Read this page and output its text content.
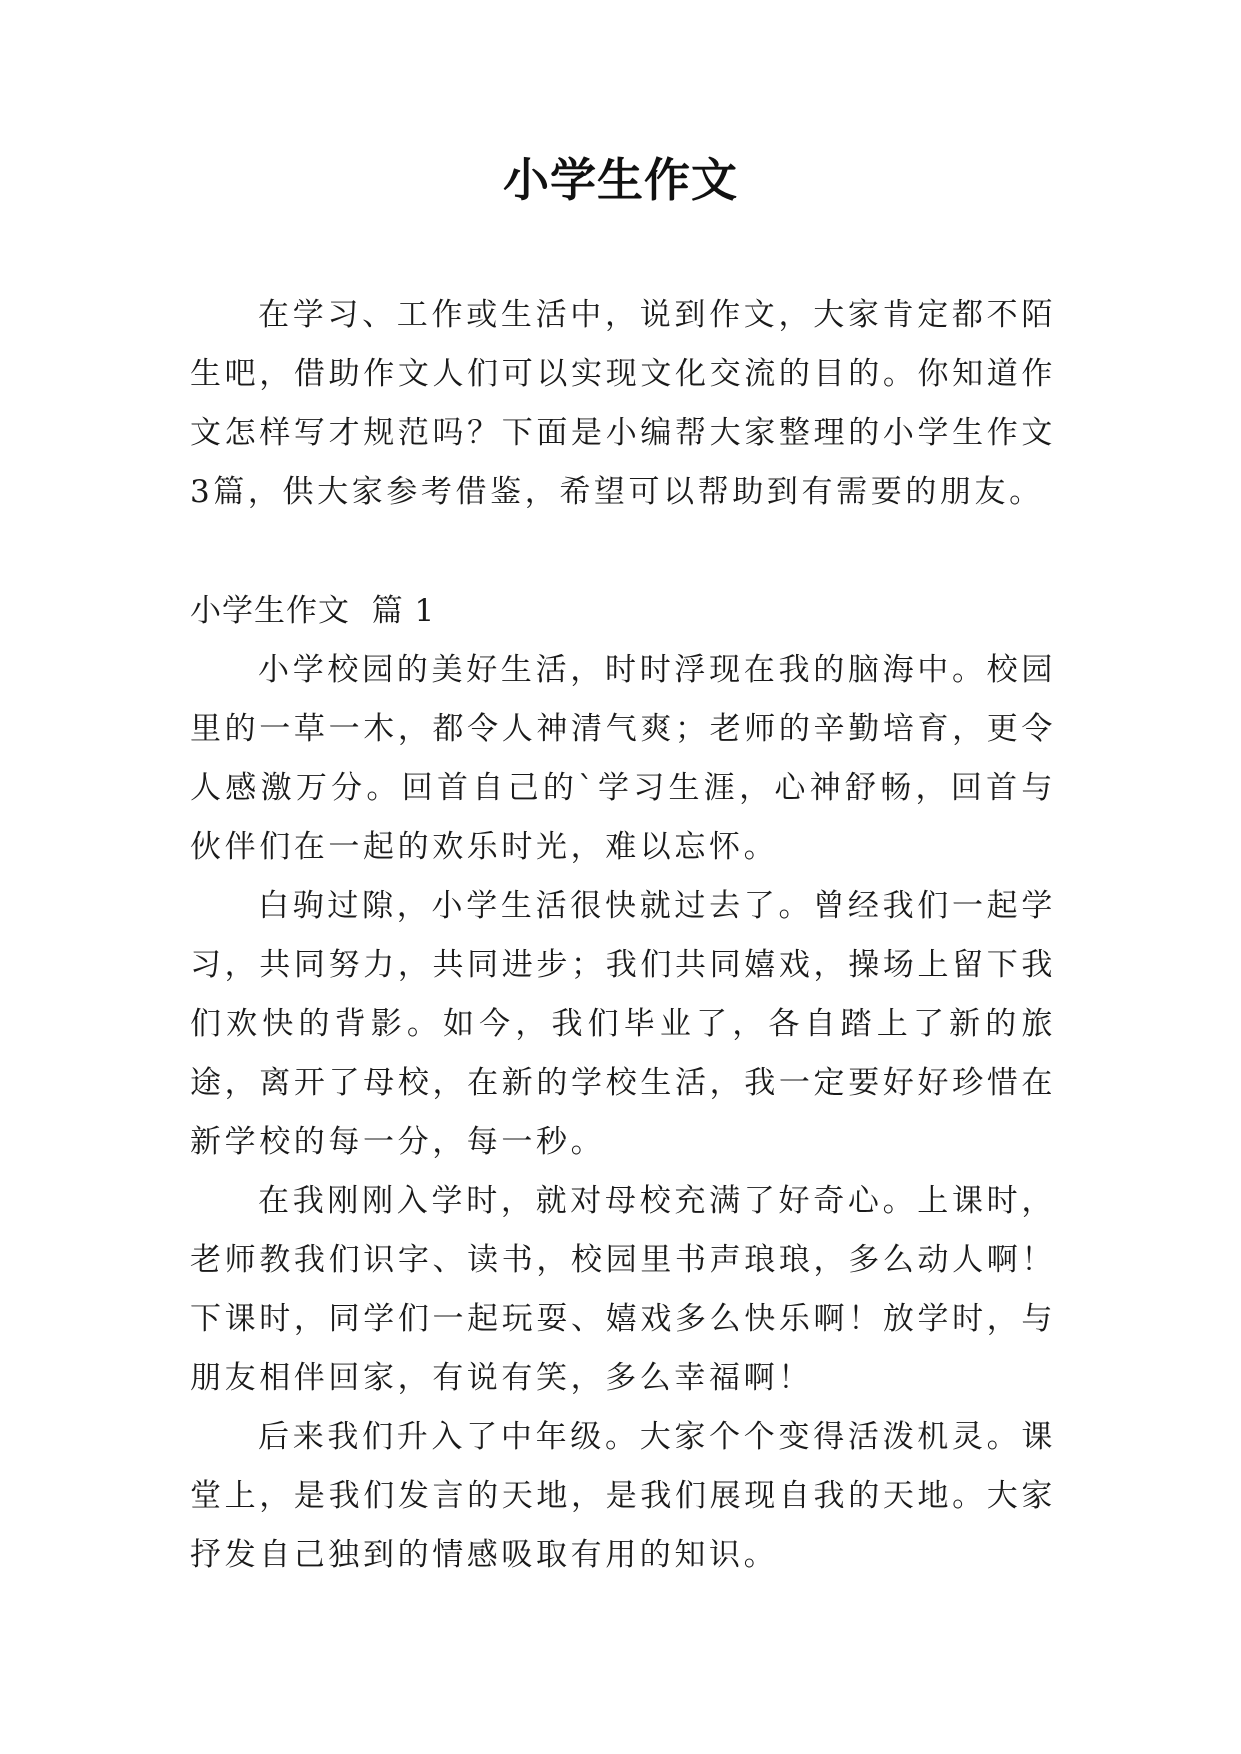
小学生作文

在学习、工作或生活中，说到作文，大家肯定都不陌生吧，借助作文人们可以实现文化交流的目的。你知道作文怎样写才规范吗？下面是小编帮大家整理的小学生作文3篇，供大家参考借鉴，希望可以帮助到有需要的朋友。

小学生作文  篇 1

小学校园的美好生活，时时浮现在我的脑海中。校园里的一草一木，都令人神清气爽；老师的辛勤培育，更令人感激万分。回首自己的`学习生涯，心神舒畅，回首与伙伴们在一起的欢乐时光，难以忘怀。

白驹过隙，小学生活很快就过去了。曾经我们一起学习，共同努力，共同进步；我们共同嬉戏，操场上留下我们欢快的背影。如今，我们毕业了，各自踏上了新的旅途，离开了母校，在新的学校生活，我一定要好好珍惜在新学校的每一分，每一秒。

在我刚刚入学时，就对母校充满了好奇心。上课时，老师教我们识字、读书，校园里书声琅琅，多么动人啊！下课时，同学们一起玩耍、嬉戏多么快乐啊！放学时，与朋友相伴回家，有说有笑，多么幸福啊！

后来我们升入了中年级。大家个个变得活泼机灵。课堂上，是我们发言的天地，是我们展现自我的天地。大家抒发自己独到的情感吸取有用的知识。
